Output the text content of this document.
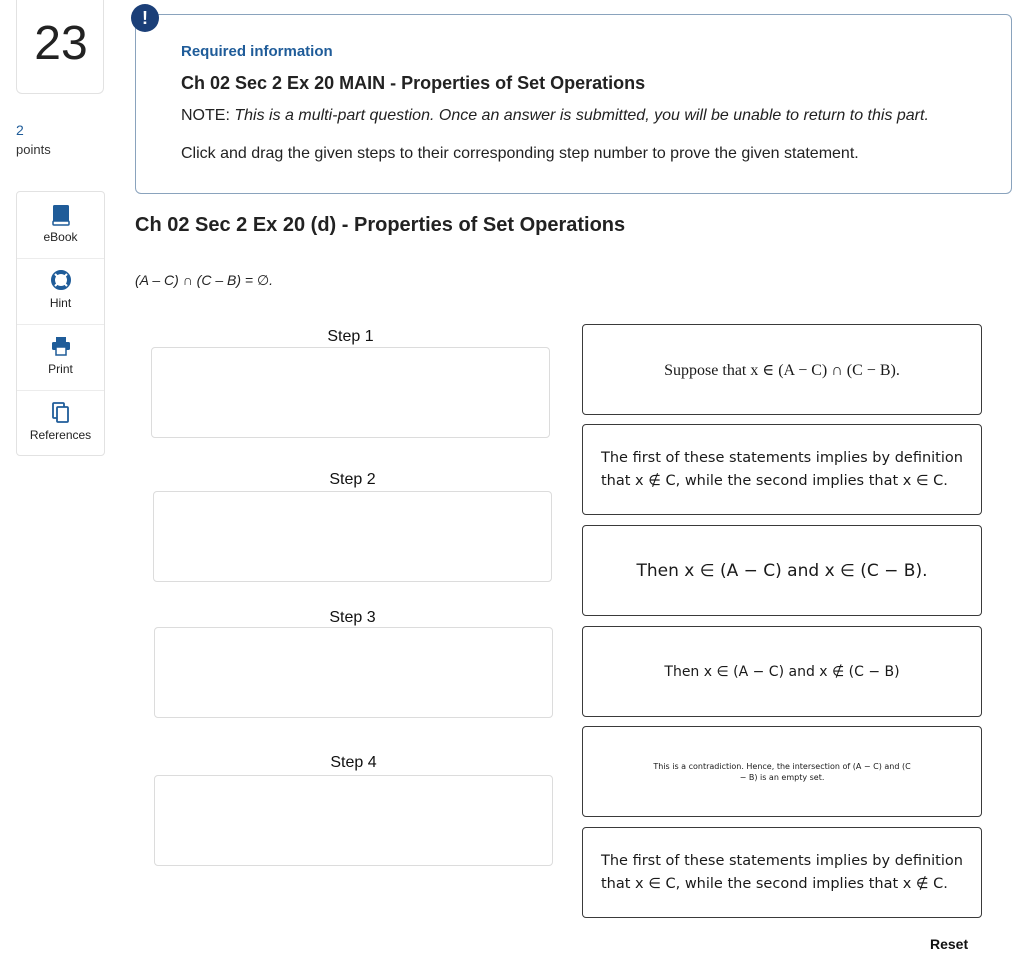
23
2
points
eBook
Hint
Print
References
!
Required information
Ch 02 Sec 2 Ex 20 MAIN - Properties of Set Operations
NOTE: This is a multi-part question. Once an answer is submitted, you will be unable to return to this part.
Click and drag the given steps to their corresponding step number to prove the given statement.
Ch 02 Sec 2 Ex 20 (d) - Properties of Set Operations
(A – C) ∩ (C – B) = ∅.
Step 1
Step 2
Step 3
Step 4
Suppose that x ∈ (A − C) ∩ (C − B).
The first of these statements implies by definition that x ∉ C, while the second implies that x ∈ C.
Then x ∈ (A − C) and x ∈ (C − B).
Then x ∈ (A − C) and x ∉ (C − B)
This is a contradiction. Hence, the intersection of (A − C) and (C − B) is an empty set.
The first of these statements implies by definition that x ∈ C, while the second implies that x ∉ C.
Reset
